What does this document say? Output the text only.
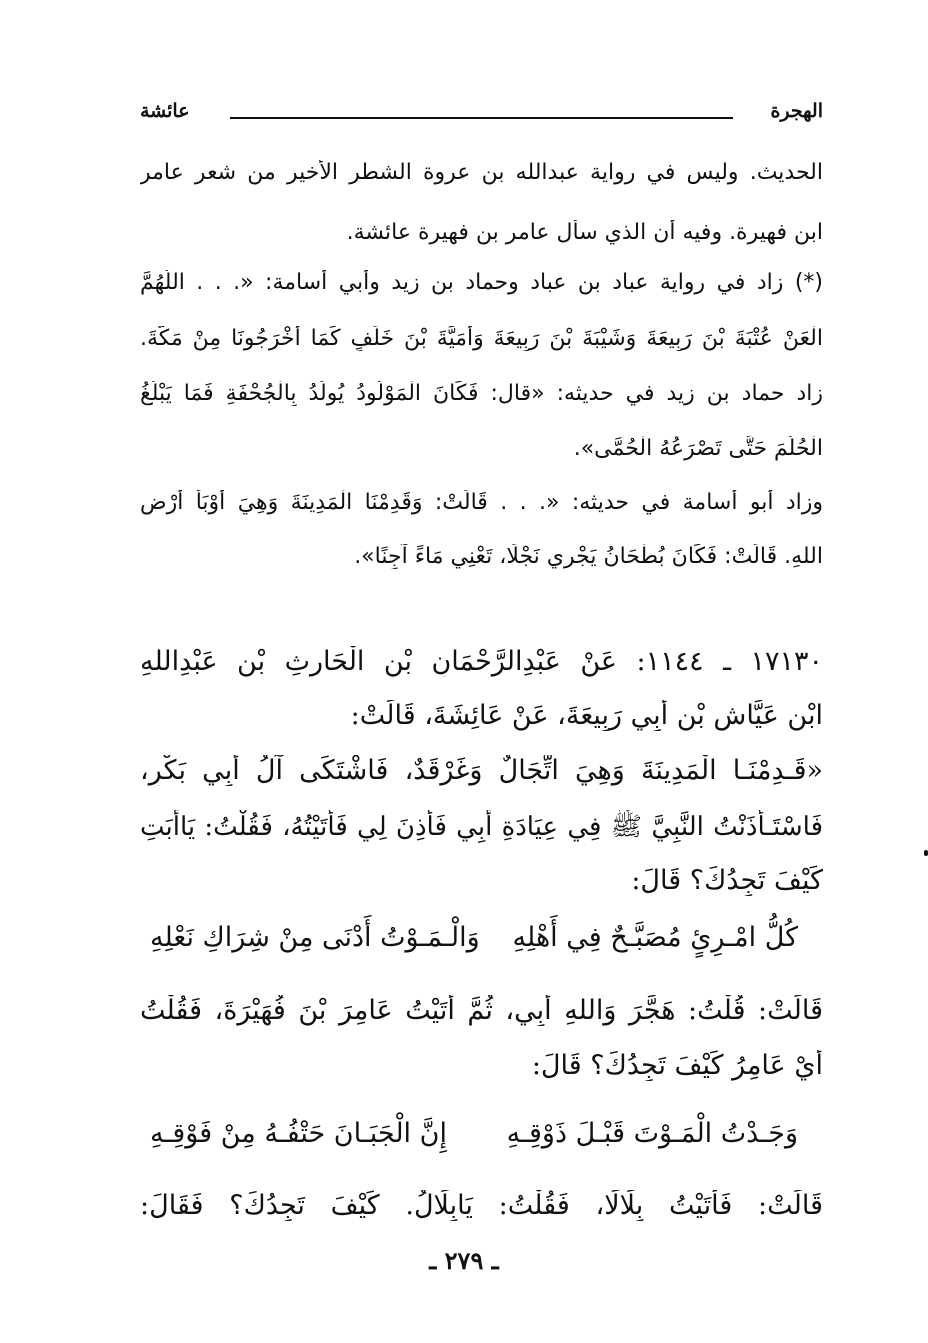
الهجرة
عائشة
الحديث. وليس في رواية عبدالله بن عروة الشطر الأخير من شعر عامر
ابن فهيرة. وفيه أن الذي سأل عامر بن فهيرة عائشة.
(*) زاد في رواية عباد بن عباد وحماد بن زيد وأبي أسامة: «. . . اللَّهُمَّ
الْعَنْ عُتْبَةَ بْنَ رَبِيعَةَ وَشَيْبَةَ بْنَ رَبِيعَةَ وَأُمَيَّةَ بْنَ خَلَفٍ كَمَا أَخْرَجُونَا مِنْ مَكَّةَ.
زاد حماد بن زيد في حديثه: «قال: فَكَانَ الْمَوْلُودُ يُولَدُ بِالْجُحْفَةِ فَمَا يَبْلُغُ
الْحُلُمَ حَتَّى تَصْرَعُهُ الْحُمَّى».
وزاد أبو أسامة في حديثه: «. . . قَالَتْ: وَقَدِمْنَا الْمَدِينَةَ وَهِيَ أَوْبَأُ أَرْضِ
اللهِ. قَالَتْ: فَكَانَ بُطْحَانُ يَجْرِي نَجْلًا، تَعْنِي مَاءً آجِنًا».
١٧١٣٠ ـ ١١٤٤: عَنْ عَبْدِالرَّحْمَانِ بْنِ الْحَارِثِ بْنِ عَبْدِاللهِ
ابْنِ عَيَّاشِ بْنِ أَبِي رَبِيعَةَ، عَنْ عَائِشَةَ، قَالَتْ:
«قَـدِمْنَـا الْمَدِينَةَ وَهِيَ اتِّجَالٌ وَغَرْقَدٌ، فَاشْتَكَى آلُ أَبِي بَكْرٍ،
فَاسْتَـأْذَنْتُ النَّبِيَّ ﷺ فِي عِيَادَةِ أَبِي فَأَذِنَ لِي فَأَتَيْتُهُ، فَقُلْتُ: يَاأَبَتِ
كَيْفَ تَجِدُكَ؟ قَالَ:
كُلُّ امْـرِئٍ مُصَبَّـحٌ فِي أَهْلِهِ
وَالْـمَـوْتُ أَدْنَى مِنْ شِرَاكِ نَعْلِهِ
قَالَتْ: قُلْتُ: هَجَّرَ وَاللهِ أَبِي، ثُمَّ أَتَيْتُ عَامِرَ بْنَ فُهَيْرَةَ، فَقُلْتُ
أَيْ عَامِرُ كَيْفَ تَجِدُكَ؟ قَالَ:
وَجَـدْتُ الْمَـوْتَ قَبْـلَ ذَوْقِـهِ
إِنَّ الْجَبَـانَ حَتْفُـهُ مِنْ فَوْقِـهِ
قَالَتْ: فَأَتَيْتُ بِلَالًا، فَقُلْتُ: يَابِلَالُ. كَيْفَ تَجِدُكَ؟ فَقَالَ:
ـ ٢٧٩ ـ
